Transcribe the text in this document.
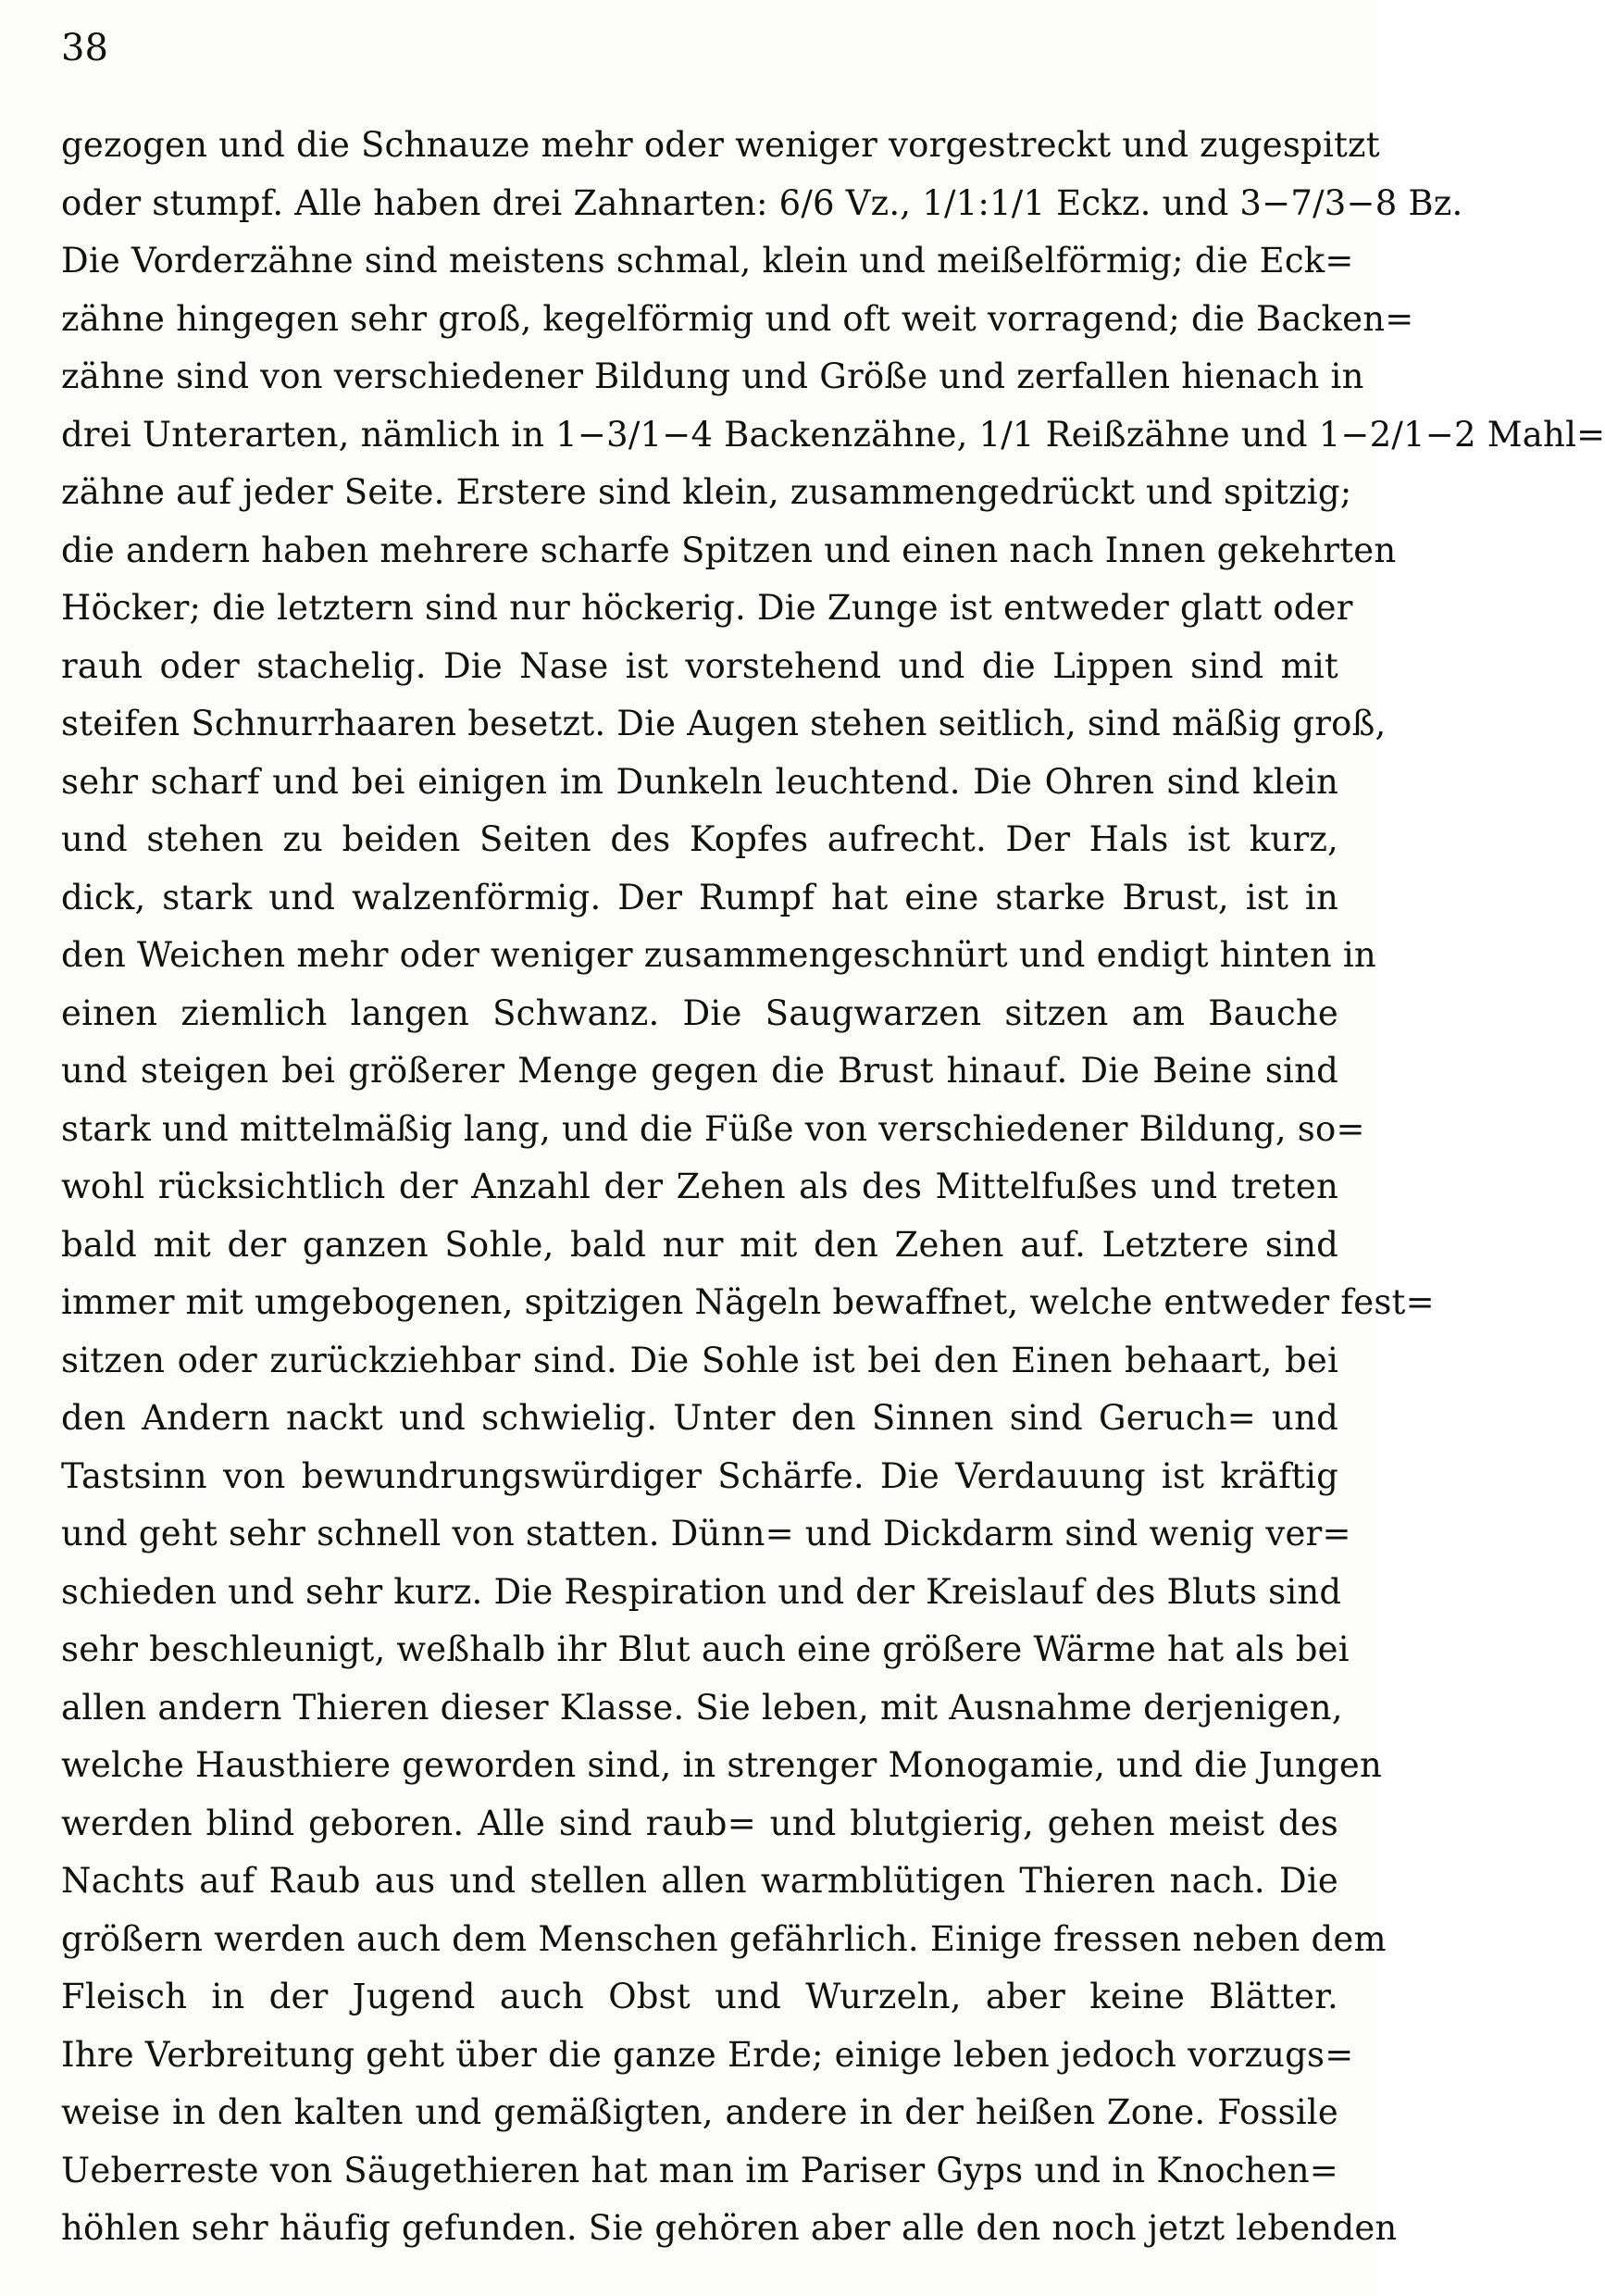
38
gezogen und die Schnauze mehr oder weniger vorgestreckt und zugespitzt
oder stumpf. Alle haben drei Zahnarten: 6/6 Vz., 1/1:1/1 Eckz. und 3−7/3−8 Bz.
Die Vorderzähne sind meistens schmal, klein und meißelförmig; die Eck=
zähne hingegen sehr groß, kegelförmig und oft weit vorragend; die Backen=
zähne sind von verschiedener Bildung und Größe und zerfallen hienach in
drei Unterarten, nämlich in 1−3/1−4 Backenzähne, 1/1 Reißzähne und 1−2/1−2 Mahl=
zähne auf jeder Seite. Erstere sind klein, zusammengedrückt und spitzig;
die andern haben mehrere scharfe Spitzen und einen nach Innen gekehrten
Höcker; die letztern sind nur höckerig. Die Zunge ist entweder glatt oder
rauh oder stachelig. Die Nase ist vorstehend und die Lippen sind mit
steifen Schnurrhaaren besetzt. Die Augen stehen seitlich, sind mäßig groß,
sehr scharf und bei einigen im Dunkeln leuchtend. Die Ohren sind klein
und stehen zu beiden Seiten des Kopfes aufrecht. Der Hals ist kurz,
dick, stark und walzenförmig. Der Rumpf hat eine starke Brust, ist in
den Weichen mehr oder weniger zusammengeschnürt und endigt hinten in
einen ziemlich langen Schwanz. Die Saugwarzen sitzen am Bauche
und steigen bei größerer Menge gegen die Brust hinauf. Die Beine sind
stark und mittelmäßig lang, und die Füße von verschiedener Bildung, so=
wohl rücksichtlich der Anzahl der Zehen als des Mittelfußes und treten
bald mit der ganzen Sohle, bald nur mit den Zehen auf. Letztere sind
immer mit umgebogenen, spitzigen Nägeln bewaffnet, welche entweder fest=
sitzen oder zurückziehbar sind. Die Sohle ist bei den Einen behaart, bei
den Andern nackt und schwielig. Unter den Sinnen sind Geruch= und
Tastsinn von bewundrungswürdiger Schärfe. Die Verdauung ist kräftig
und geht sehr schnell von statten. Dünn= und Dickdarm sind wenig ver=
schieden und sehr kurz. Die Respiration und der Kreislauf des Bluts sind
sehr beschleunigt, weßhalb ihr Blut auch eine größere Wärme hat als bei
allen andern Thieren dieser Klasse. Sie leben, mit Ausnahme derjenigen,
welche Hausthiere geworden sind, in strenger Monogamie, und die Jungen
werden blind geboren. Alle sind raub= und blutgierig, gehen meist des
Nachts auf Raub aus und stellen allen warmblütigen Thieren nach. Die
größern werden auch dem Menschen gefährlich. Einige fressen neben dem
Fleisch in der Jugend auch Obst und Wurzeln, aber keine Blätter.
Ihre Verbreitung geht über die ganze Erde; einige leben jedoch vorzugs=
weise in den kalten und gemäßigten, andere in der heißen Zone. Fossile
Ueberreste von Säugethieren hat man im Pariser Gyps und in Knochen=
höhlen sehr häufig gefunden. Sie gehören aber alle den noch jetzt lebenden
